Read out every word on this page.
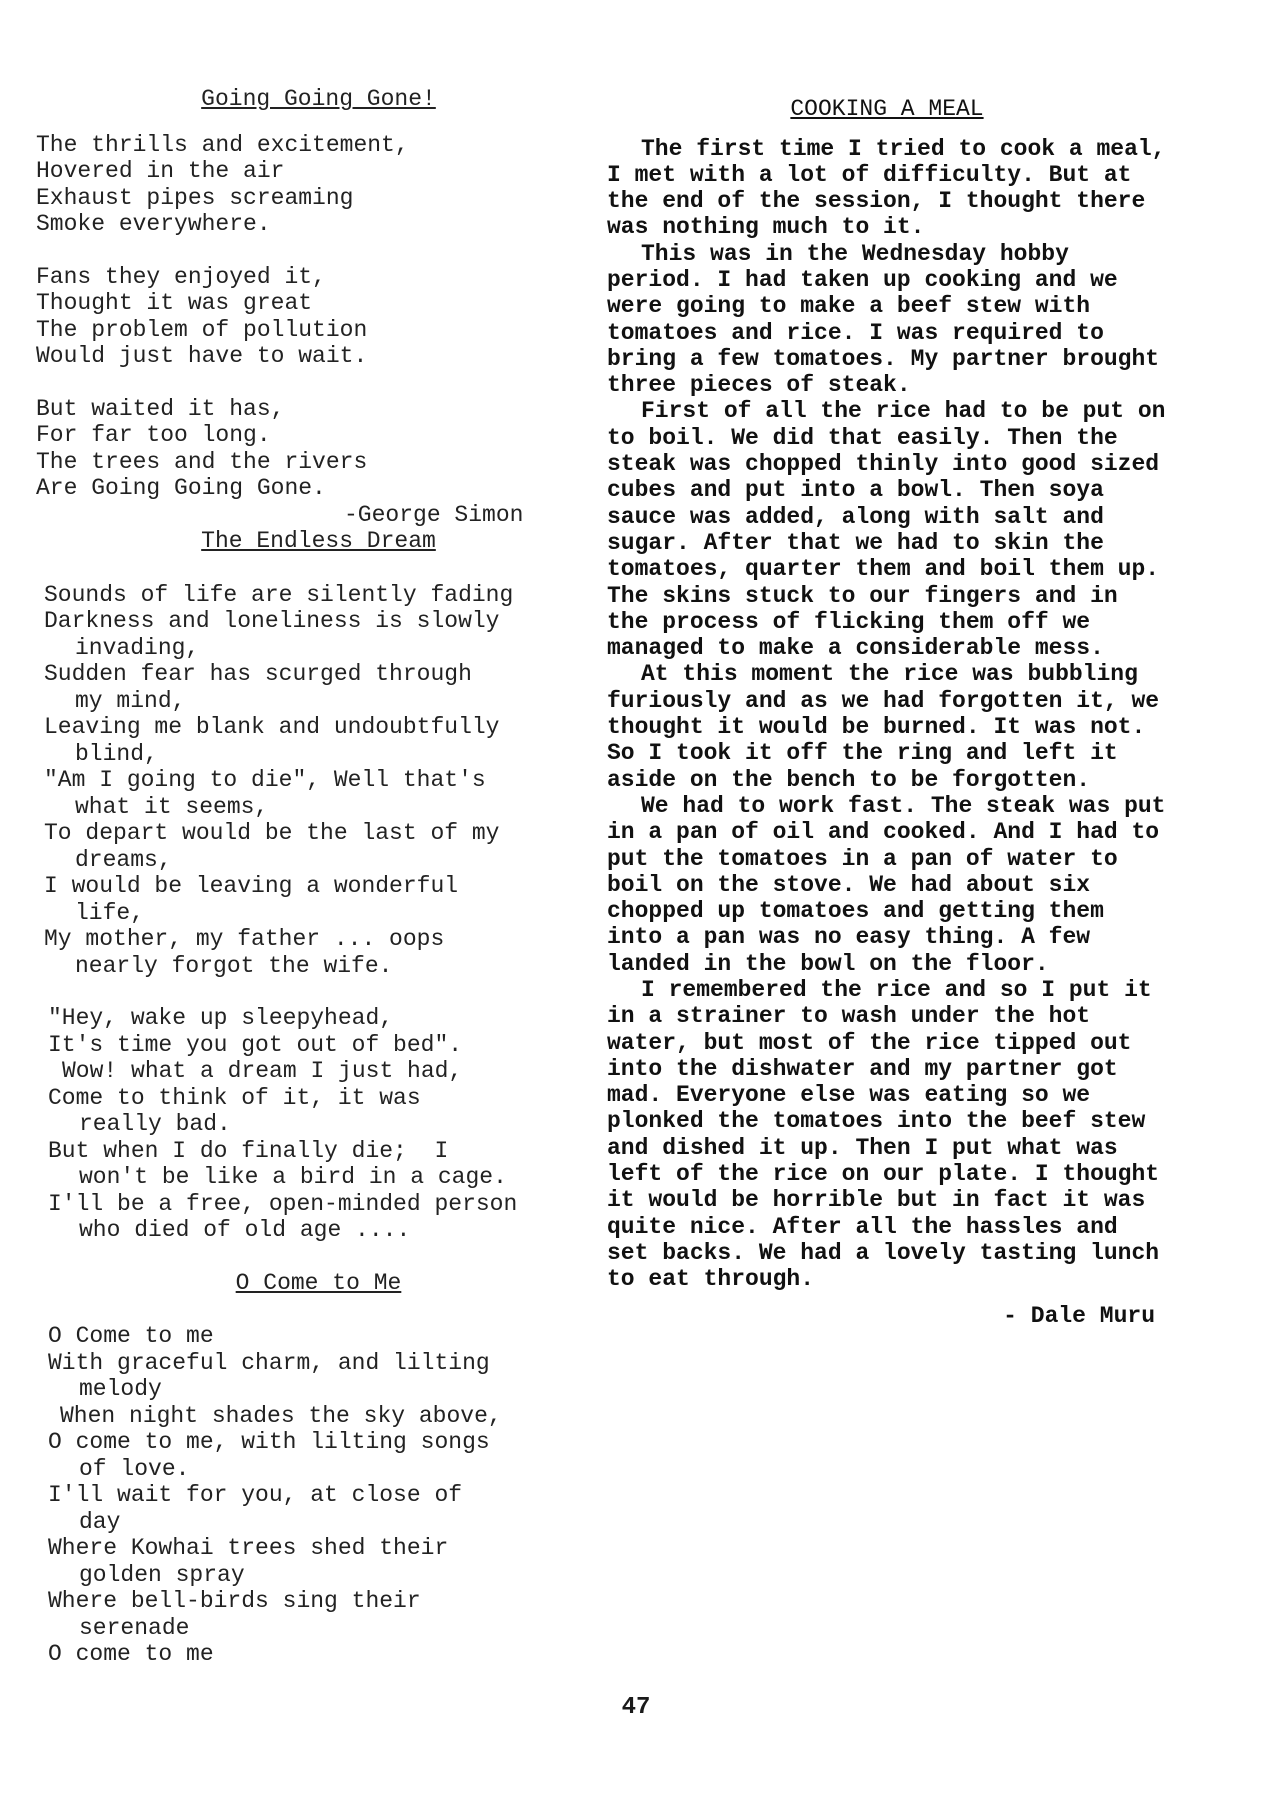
Going Going Gone!
The thrills and excitement,
Hovered in the air
Exhaust pipes screaming
Smoke everywhere.
Fans they enjoyed it,
Thought it was great
The problem of pollution
Would just have to wait.
But waited it has,
For far too long.
The trees and the rivers
Are Going Going Gone.
-George Simon
The Endless Dream
Sounds of life are silently fading
Darkness and loneliness is slowly
invading,
Sudden fear has scurged through
my mind,
Leaving me blank and undoubtfully
blind,
"Am I going to die", Well that's
what it seems,
To depart would be the last of my
dreams,
I would be leaving a wonderful
life,
My mother, my father ... oops
nearly forgot the wife.
"Hey, wake up sleepyhead,
It's time you got out of bed".
Wow! what a dream I just had,
Come to think of it, it was
really bad.
But when I do finally die;  I
won't be like a bird in a cage.
I'll be a free, open-minded person
who died of old age ....
O Come to Me
O Come to me
With graceful charm, and lilting
melody
When night shades the sky above,
O come to me, with lilting songs
of love.
I'll wait for you, at close of
day
Where Kowhai trees shed their
golden spray
Where bell-birds sing their
serenade
O come to me
COOKING A MEAL

The first time I tried to cook a meal, I met with a lot of difficulty. But at the end of the session, I thought there was nothing much to it.

This was in the Wednesday hobby period. I had taken up cooking and we were going to make a beef stew with tomatoes and rice. I was required to bring a few tomatoes. My partner brought three pieces of steak.

First of all the rice had to be put on to boil. We did that easily. Then the steak was chopped thinly into good sized cubes and put into a bowl. Then soya sauce was added, along with salt and sugar. After that we had to skin the tomatoes, quarter them and boil them up. The skins stuck to our fingers and in the process of flicking them off we managed to make a considerable mess.

At this moment the rice was bubbling furiously and as we had forgotten it, we thought it would be burned. It was not. So I took it off the ring and left it aside on the bench to be forgotten.

We had to work fast. The steak was put in a pan of oil and cooked. And I had to put the tomatoes in a pan of water to boil on the stove. We had about six chopped up tomatoes and getting them into a pan was no easy thing. A few landed in the bowl on the floor.

I remembered the rice and so I put it in a strainer to wash under the hot water, but most of the rice tipped out into the dishwater and my partner got mad. Everyone else was eating so we plonked the tomatoes into the beef stew and dished it up. Then I put what was left of the rice on our plate. I thought it would be horrible but in fact it was quite nice. After all the hassles and set backs. We had a lovely tasting lunch to eat through.

- Dale Muru
47
